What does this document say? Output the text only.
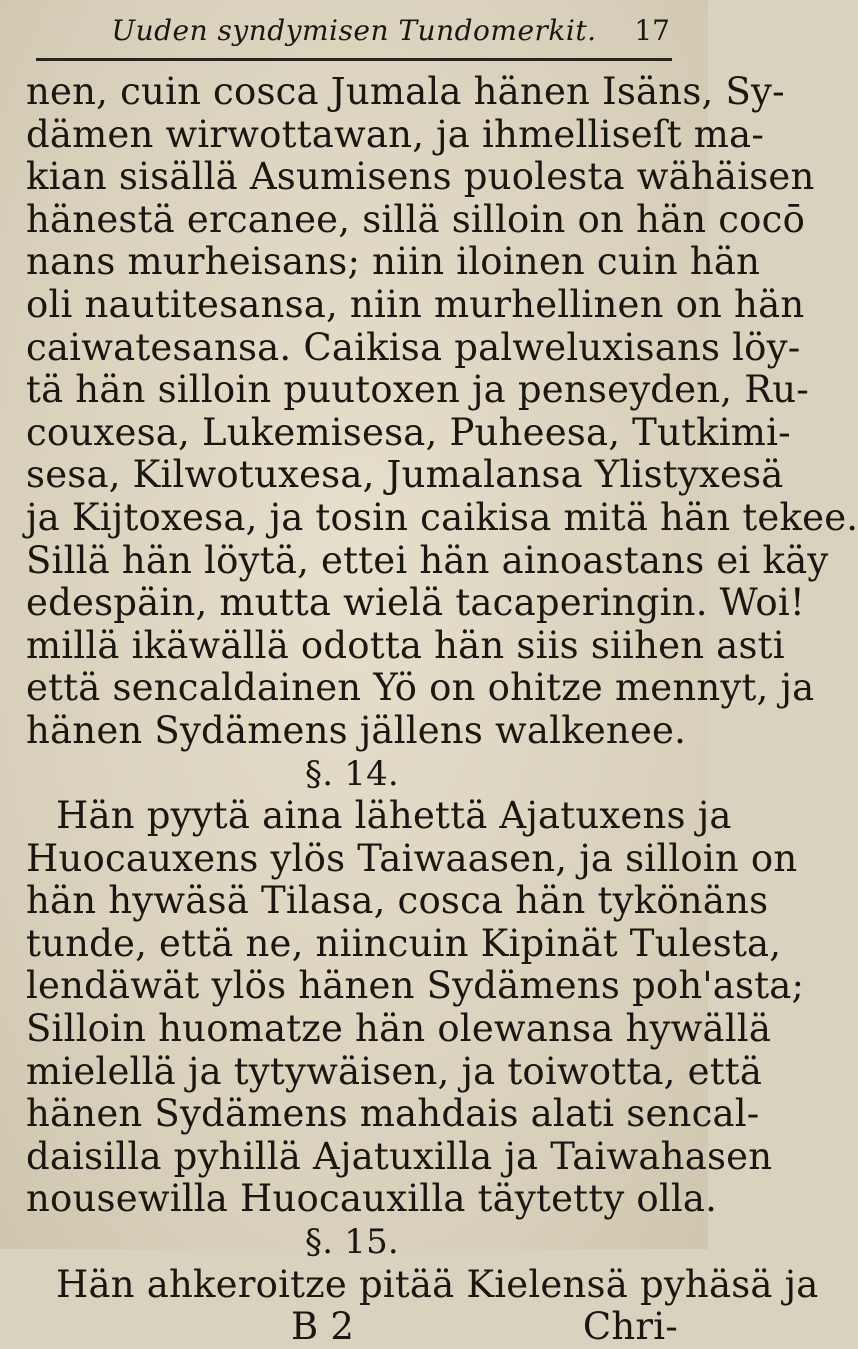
Uuden syndymisen Tundomerkit.	17
nen, cuin cosca Jumala hänen Isäns, Sy-
dämen wirwottawan, ja ihmelliseſt ma-
kian sisällä Asumisens puolesta wähäisen
hänestä ercanee, sillä silloin on hän cocō
nans murheisans; niin iloinen cuin hän
oli nautitesansa, niin murhellinen on hän
caiwatesansa. Caikisa palweluxisans löy-
tä hän silloin puutoxen ja penseyden, Ru-
couxesa, Lukemisesa, Puheesa, Tutkimi-
sesa, Kilwotuxesa, Jumalansa Ylistyxesä
ja Kijtoxesa, ja tosin caikisa mitä hän tekee.
Sillä hän löytä, ettei hän ainoastans ei käy
edespäin, mutta wielä tacaperingin. Woi!
millä ikäwällä odotta hän siis siihen asti
että sencaldainen Yö on ohitze mennyt, ja
hänen Sydämens jällens walkenee.
§. 14.
Hän pyytä aina lähettä Ajatuxens ja
Huocauxens ylös Taiwaasen, ja silloin on
hän hywäsä Tilasa, cosca hän tykönäns
tunde, että ne, niincuin Kipinät Tulesta,
lendäwät ylös hänen Sydämens poh'asta;
Silloin huomatze hän olewansa hywällä
mielellä ja tytywäisen, ja toiwotta, että
hänen Sydämens mahdais alati sencal-
daisilla pyhillä Ajatuxilla ja Taiwahasen
nousewilla Huocauxilla täytetty olla.
§. 15.
Hän ahkeroitze pitää Kielensä pyhäsä ja
B 2	Chri-
